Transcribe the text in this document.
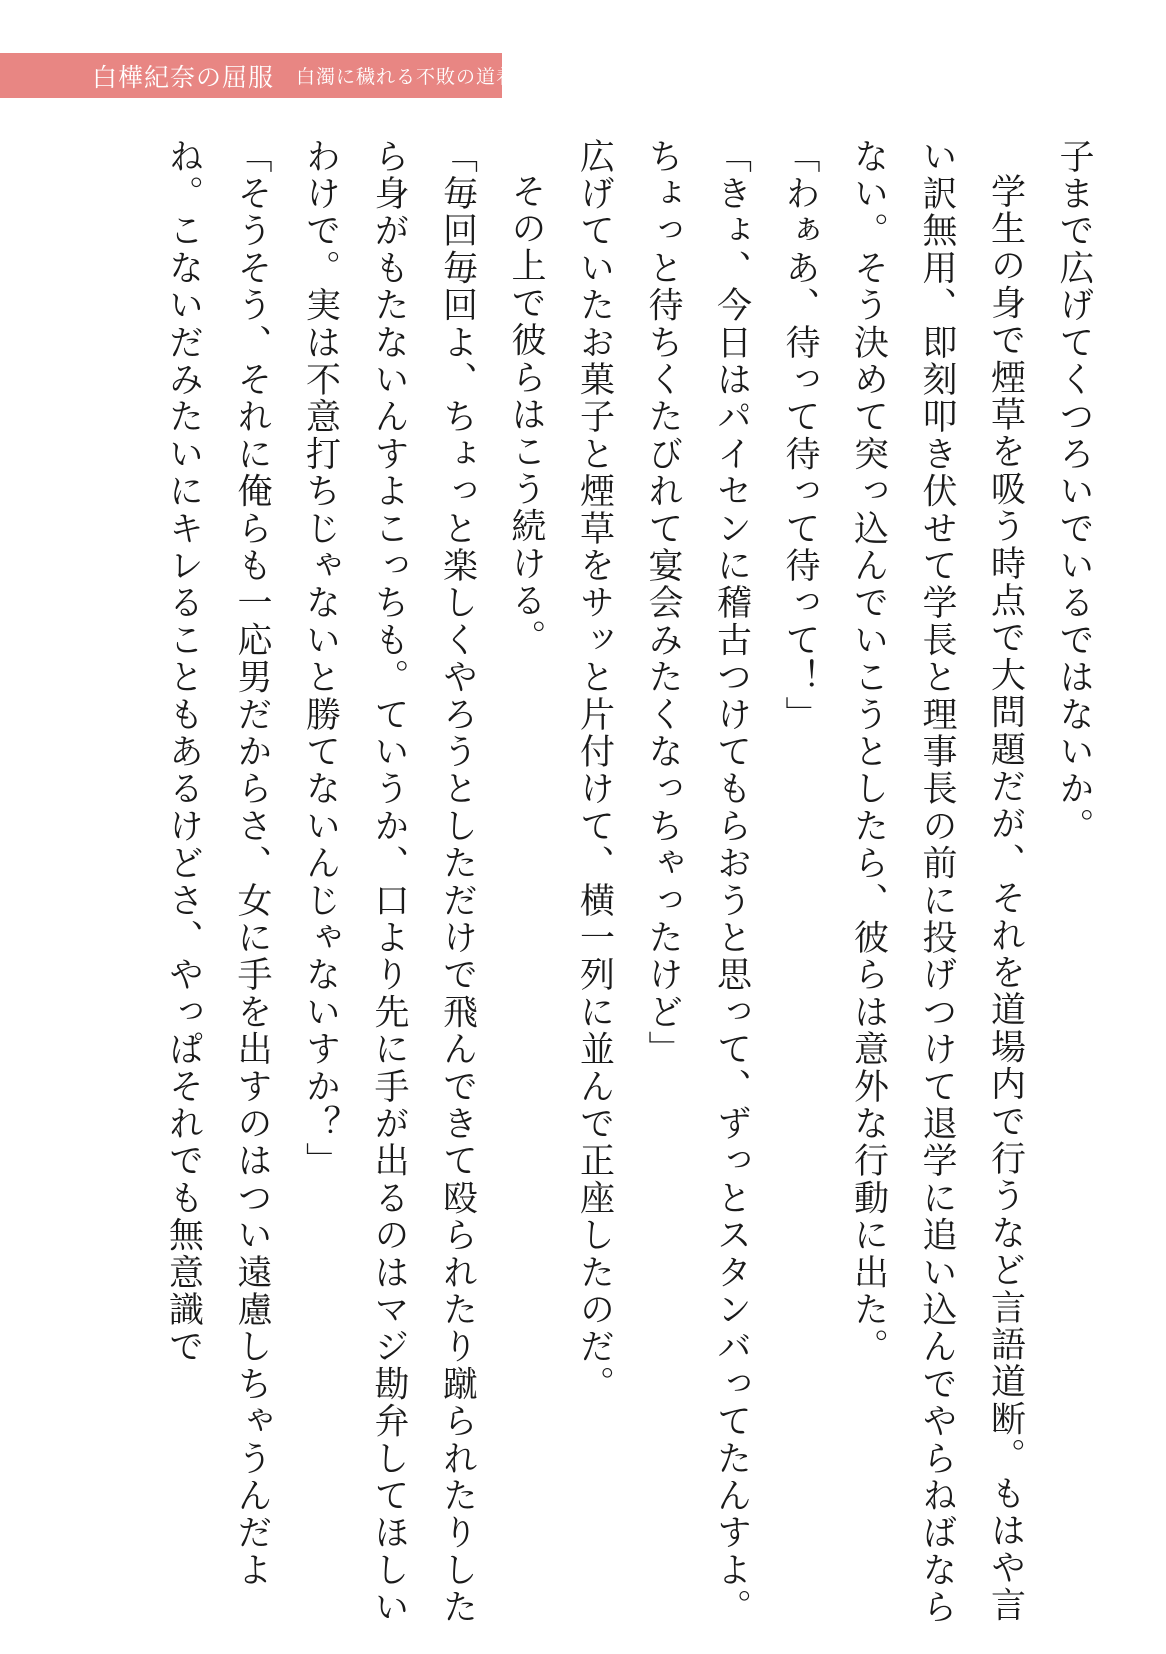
白樺紀奈の屈服 白濁に穢れる不敗の道着

子まで広げてくつろいでいるではないか。

学生の身で煙草を吸う時点で大問題だが、それを道場内で行うなど言語道断。もはや言い訳無用、即刻叩き伏せて学長と理事長の前に投げつけて退学に追い込んでやらねばならない。そう決めて突っ込んでいこうとしたら、彼らは意外な行動に出た。

「わぁあ、待って待って待って！」

「きょ、今日はパイセンに稽古つけてもらおうと思って、ずっとスタンバってたんすよ。ちょっと待ちくたびれて宴会みたくなっちゃったけど」

広げていたお菓子と煙草をサッと片付けて、横一列に並んで正座したのだ。

その上で彼らはこう続ける。

「毎回毎回よ、ちょっと楽しくやろうとしただけで飛んできて殴られたり蹴られたりしたら身がもたないんすよこっちも。ていうか、口より先に手が出るのはマジ勘弁してほしいわけで。実は不意打ちじゃないと勝てないんじゃないすか？」

「そうそう、それに俺らも一応男だからさ、女に手を出すのはつい遠慮しちゃうんだよね。こないだみたいにキレることもあるけどさ、やっぱそれでも無意識で
